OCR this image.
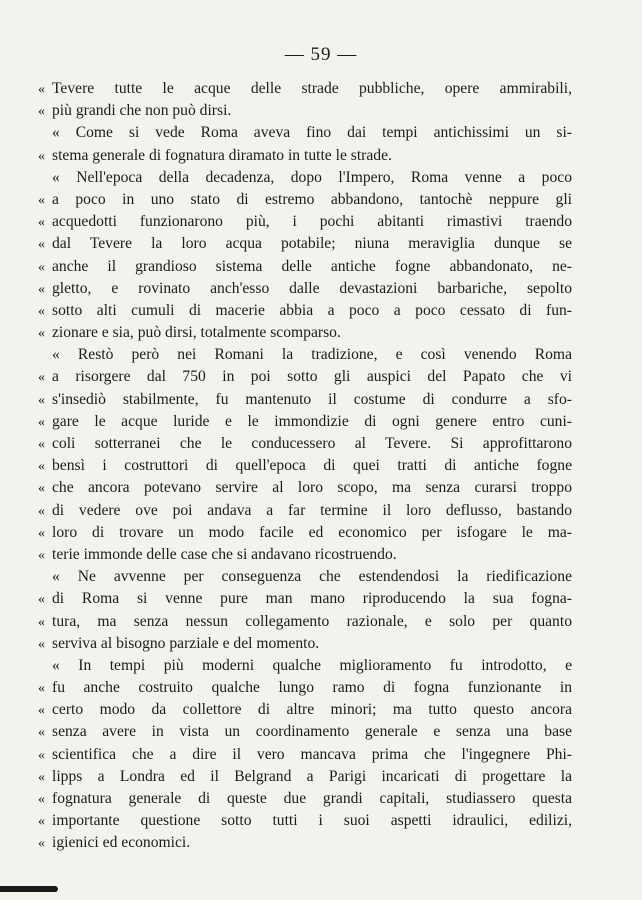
— 59 —
« Tevere tutte le acque delle strade pubbliche, opere ammirabili,
« più grandi che non può dirsi.
« Come si vede Roma aveva fino dai tempi antichissimi un si-
« stema generale di fognatura diramato in tutte le strade.
« Nell'epoca della decadenza, dopo l'Impero, Roma venne a poco
« a poco in uno stato di estremo abbandono, tantochè neppure gli
« acquedotti funzionarono più, i pochi abitanti rimastivi traendo
« dal Tevere la loro acqua potabile; niuna meraviglia dunque se
« anche il grandioso sistema delle antiche fogne abbandonato, ne-
« gletto, e rovinato anch'esso dalle devastazioni barbariche, sepolto
« sotto alti cumuli di macerie abbia a poco a poco cessato di fun-
« zionare e sia, può dirsi, totalmente scomparso.
« Restò però nei Romani la tradizione, e così venendo Roma
« a risorgere dal 750 in poi sotto gli auspici del Papato che vi
« s'insediò stabilmente, fu mantenuto il costume di condurre a sfo-
« gare le acque luride e le immondizie di ogni genere entro cuni-
« coli sotterranei che le conducessero al Tevere. Si approfittarono
« bensì i costruttori di quell'epoca di quei tratti di antiche fogne
« che ancora potevano servire al loro scopo, ma senza curarsi troppo
« di vedere ove poi andava a far termine il loro deflusso, bastando
« loro di trovare un modo facile ed economico per isfogare le ma-
« terie immonde delle case che si andavano ricostruendo.
« Ne avvenne per conseguenza che estendendosi la riedificazione
« di Roma si venne pure man mano riproducendo la sua fogna-
« tura, ma senza nessun collegamento razionale, e solo per quanto
« serviva al bisogno parziale e del momento.
« In tempi più moderni qualche miglioramento fu introdotto, e
« fu anche costruito qualche lungo ramo di fogna funzionante in
« certo modo da collettore di altre minori; ma tutto questo ancora
« senza avere in vista un coordinamento generale e senza una base
« scientifica che a dire il vero mancava prima che l'ingegnere Phi-
« lipps a Londra ed il Belgrand a Parigi incaricati di progettare la
« fognatura generale di queste due grandi capitali, studiassero questa
« importante questione sotto tutti i suoi aspetti idraulici, edilizi,
« igienici ed economici.
